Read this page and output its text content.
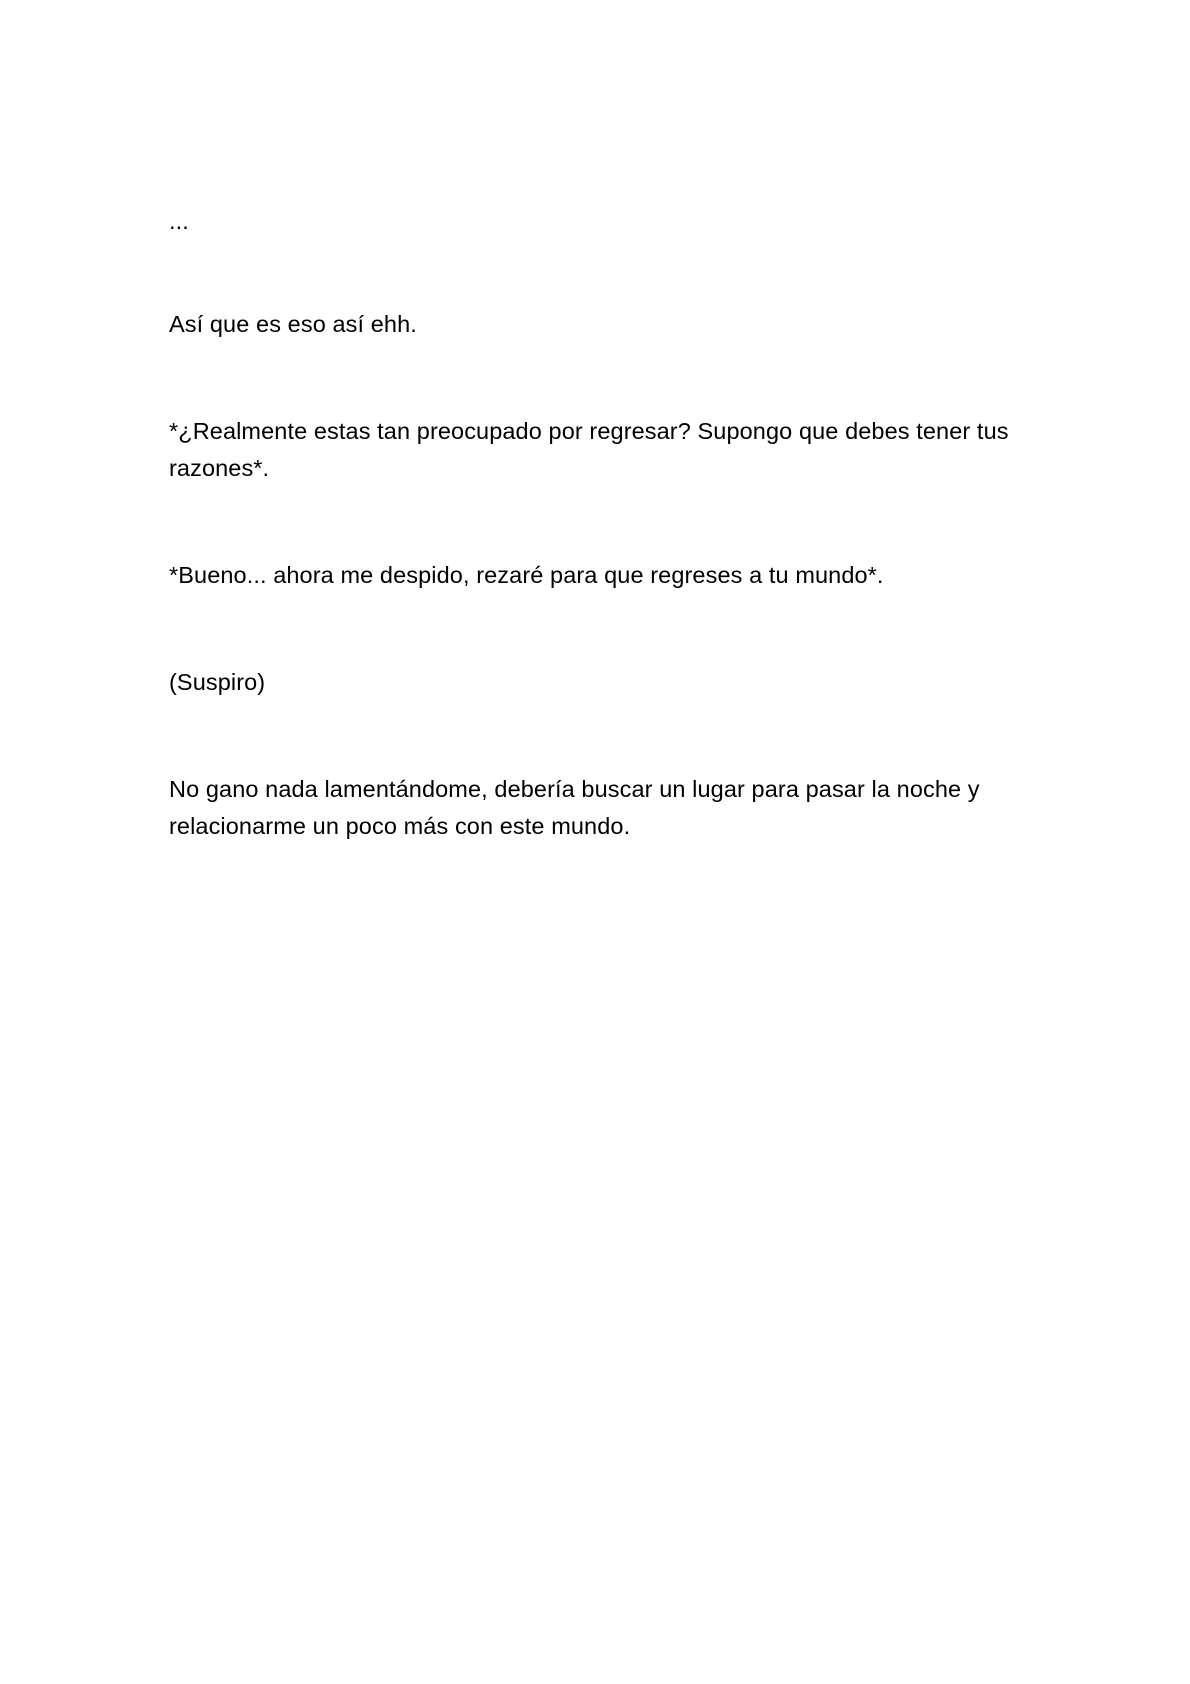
...

Así que es eso así ehh.

*¿Realmente estas tan preocupado por regresar? Supongo que debes tener tus razones*.

*Bueno... ahora me despido, rezaré para que regreses a tu mundo*.

(Suspiro)

No gano nada lamentándome, debería buscar un lugar para pasar la noche y relacionarme un poco más con este mundo.
